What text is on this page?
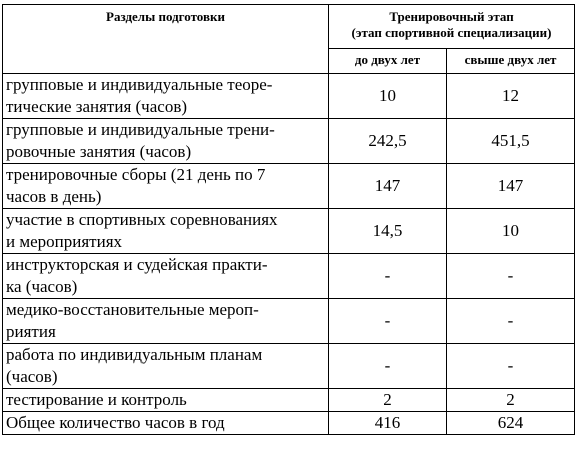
Разделы подготовки	Тренировочный этап
(этап спортивной специализации)	

	до двух лет	свыше двух лет

групповые и индивидуальные теоре-
тические занятия (часов)	10	12

групповые и индивидуальные трени-
ровочные занятия (часов)	242,5	451,5

тренировочные сборы (21 день по 7
часов в день)	147	147

участие в спортивных соревнованиях
и мероприятиях	14,5	10

инструкторская и судейская практи-
ка (часов)	-	-

медико-восстановительные мероп-
риятия	-	-

работа по индивидуальным планам
(часов)	-	-

тестирование и контроль	2	2

Общее количество часов в год	416	624
